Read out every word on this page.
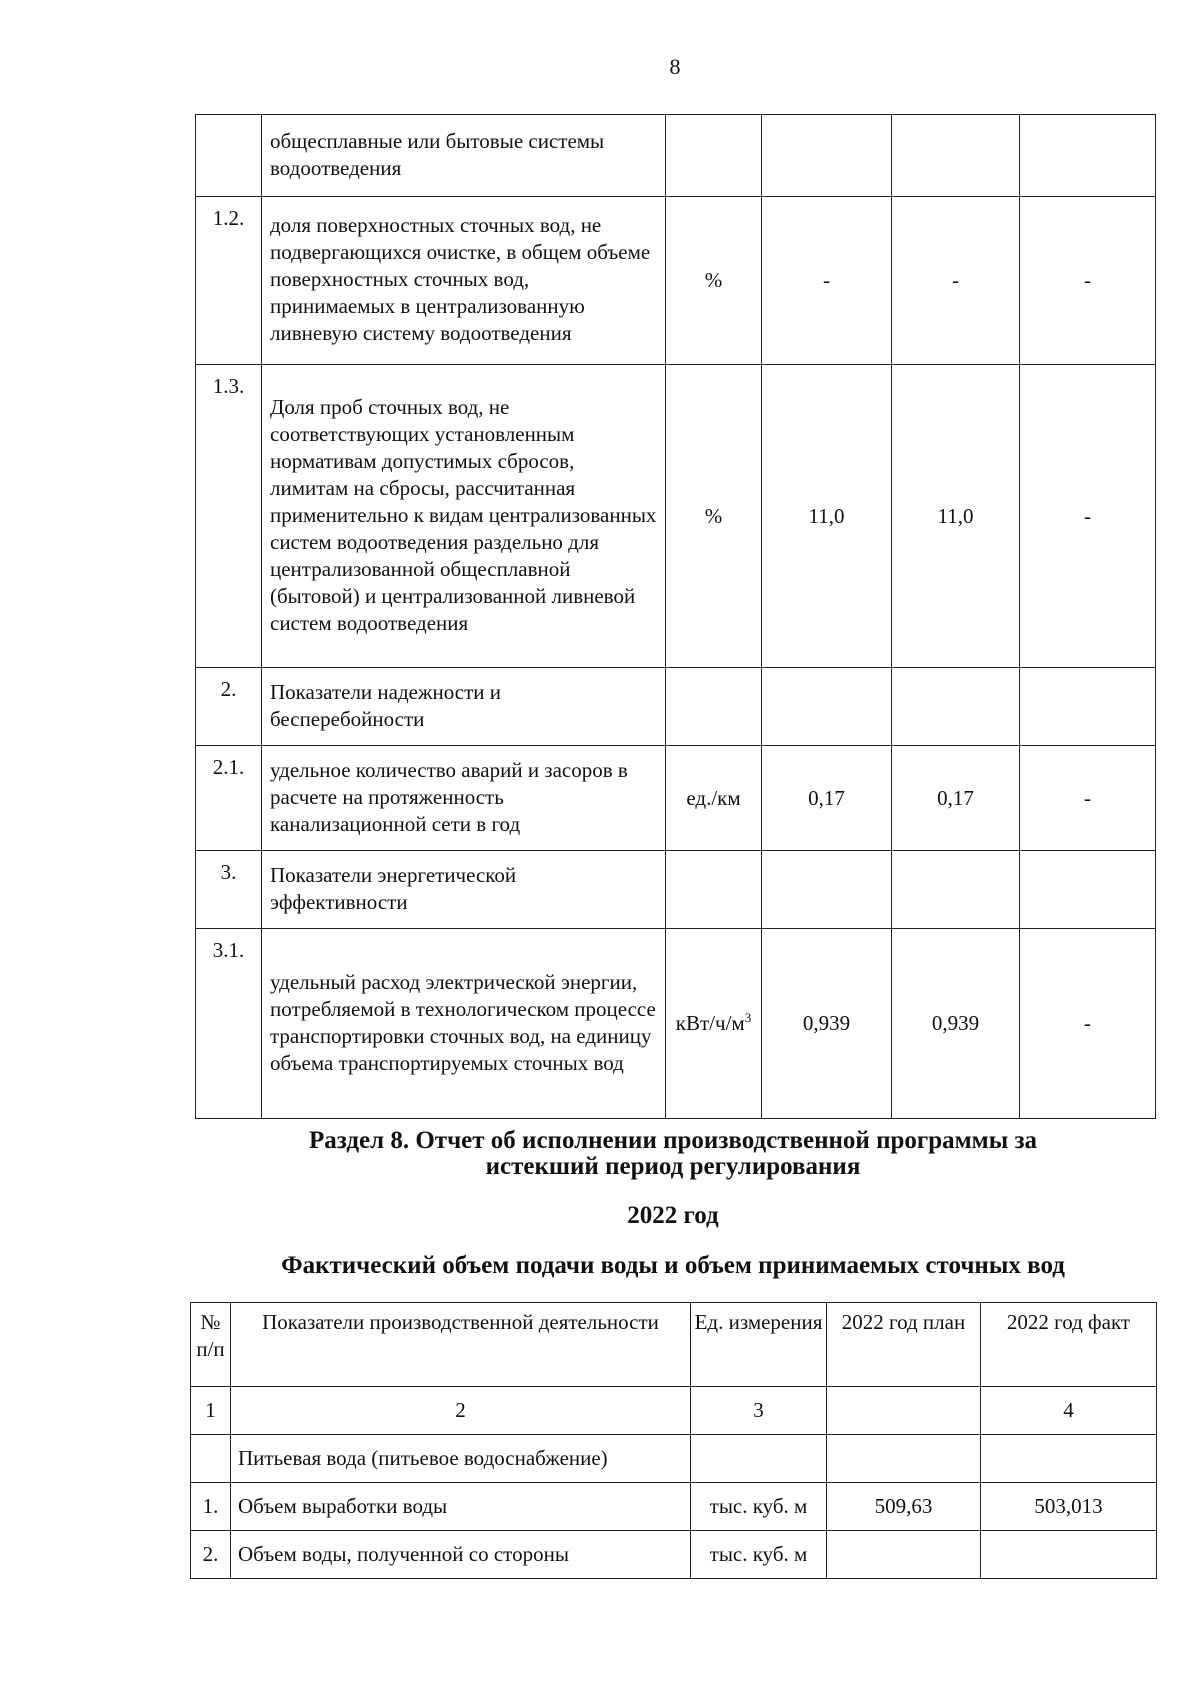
8
	общесплавные или бытовые системы водоотведения				
1.2.	доля поверхностных сточных вод, не подвергающихся очистке, в общем объеме поверхностных сточных вод, принимаемых в централизованную ливневую систему водоотведения	%	-	-	-
1.3.	Доля проб сточных вод, не соответствующих установленным нормативам допустимых сбросов, лимитам на сбросы, рассчитанная применительно к видам централизованных систем водоотведения раздельно для централизованной общесплавной (бытовой) и централизованной ливневой систем водоотведения	%	11,0	11,0	-
2.	Показатели надежности и бесперебойности				
2.1.	удельное количество аварий и засоров в расчете на протяженность канализационной сети в год	ед./км	0,17	0,17	-
3.	Показатели энергетической эффективности				
3.1.	удельный расход электрической энергии, потребляемой в технологическом процессе транспортировки сточных вод, на единицу объема транспортируемых сточных вод	кВт/$ч/м^3$	0,939	0,939	-
Раздел 8. Отчет об исполнении производственной программы за
истекший период регулирования
2022 год
Фактический объем подачи воды и объем принимаемых сточных вод
№ п/п	Показатели производственной деятельности	Ед. измерения	2022 год план	2022 год факт
1	2	3		4
	Питьевая вода (питьевое водоснабжение)			
1.	Объем выработки воды	тыс. куб. м	509,63	503,013
2.	Объем воды, полученной со стороны	тыс. куб. м		
